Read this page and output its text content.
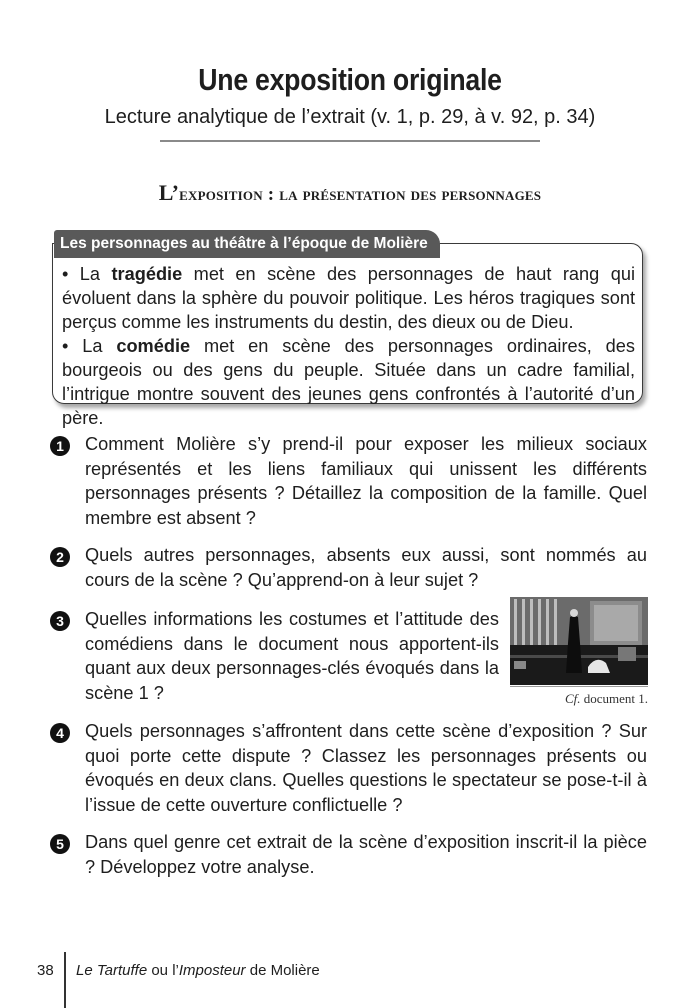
Une exposition originale
Lecture analytique de l’extrait (v. 1, p. 29, à v. 92, p. 34)
L’exposition : la présentation des personnages
Les personnages au théâtre à l’époque de Molière

• La tragédie met en scène des personnages de haut rang qui évoluent dans la sphère du pouvoir politique. Les héros tragiques sont perçus comme les instruments du destin, des dieux ou de Dieu.

• La comédie met en scène des personnages ordinaires, des bourgeois ou des gens du peuple. Située dans un cadre familial, l’intrigue montre souvent des jeunes gens confrontés à l’autorité d’un père.

1	Comment Molière s’y prend-il pour exposer les milieux sociaux représentés et les liens familiaux qui unissent les différents personnages présents ? Détaillez la composition de la famille. Quel membre est absent ?
2	Quels autres personnages, absents eux aussi, sont nommés au cours de la scène ? Qu’apprend-on à leur sujet ?
3	Quelles informations les costumes et l’attitude des comédiens dans le document nous apportent-ils quant aux deux personnages-clés évoqués dans la scène 1 ?	Cf. document 1.
4	Quels personnages s’affrontent dans cette scène d’exposition ? Sur quoi porte cette dispute ? Classez les personnages présents ou évoqués en deux clans. Quelles questions le spectateur se pose-t-il à l’issue de cette ouverture conflictuelle ?
5	Dans quel genre cet extrait de la scène d’exposition inscrit-il la pièce ? Développez votre analyse.
38 Le Tartuffe ou l’Imposteur de Molière
